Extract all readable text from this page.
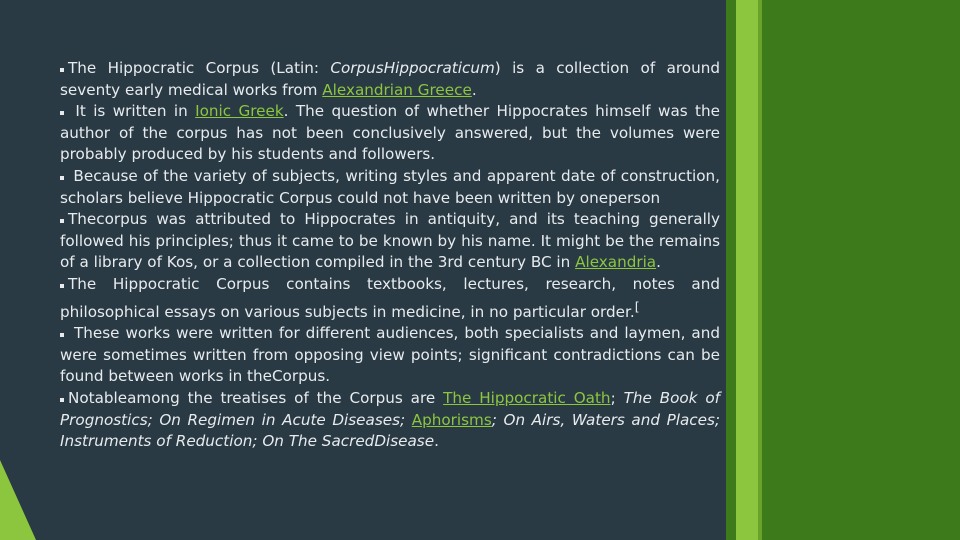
The Hippocratic Corpus (Latin: CorpusHippocraticum) is a collection of around seventy early medical works from Alexandrian Greece.

It is written in Ionic Greek. The question of whether Hippocrates himself was the author of the corpus has not been conclusively answered, but the volumes were probably produced by his students and followers.

Because of the variety of subjects, writing styles and apparent date of construction, scholars believe Hippocratic Corpus could not have been written by oneperson

Thecorpus was attributed to Hippocrates in antiquity, and its teaching generally followed his principles; thus it came to be known by his name. It might be the remains of a library of Kos, or a collection compiled in the 3rd century BC in Alexandria.

The Hippocratic Corpus contains textbooks, lectures, research, notes and philosophical essays on various subjects in medicine, in no particular order.[

These works were written for different audiences, both specialists and laymen, and were sometimes written from opposing view points; significant contradictions can be found between works in theCorpus.

Notableamong the treatises of the Corpus are The Hippocratic Oath; The Book of Prognostics; On Regimen in Acute Diseases; Aphorisms; On Airs, Waters and Places; Instruments of Reduction; On The SacredDisease.
